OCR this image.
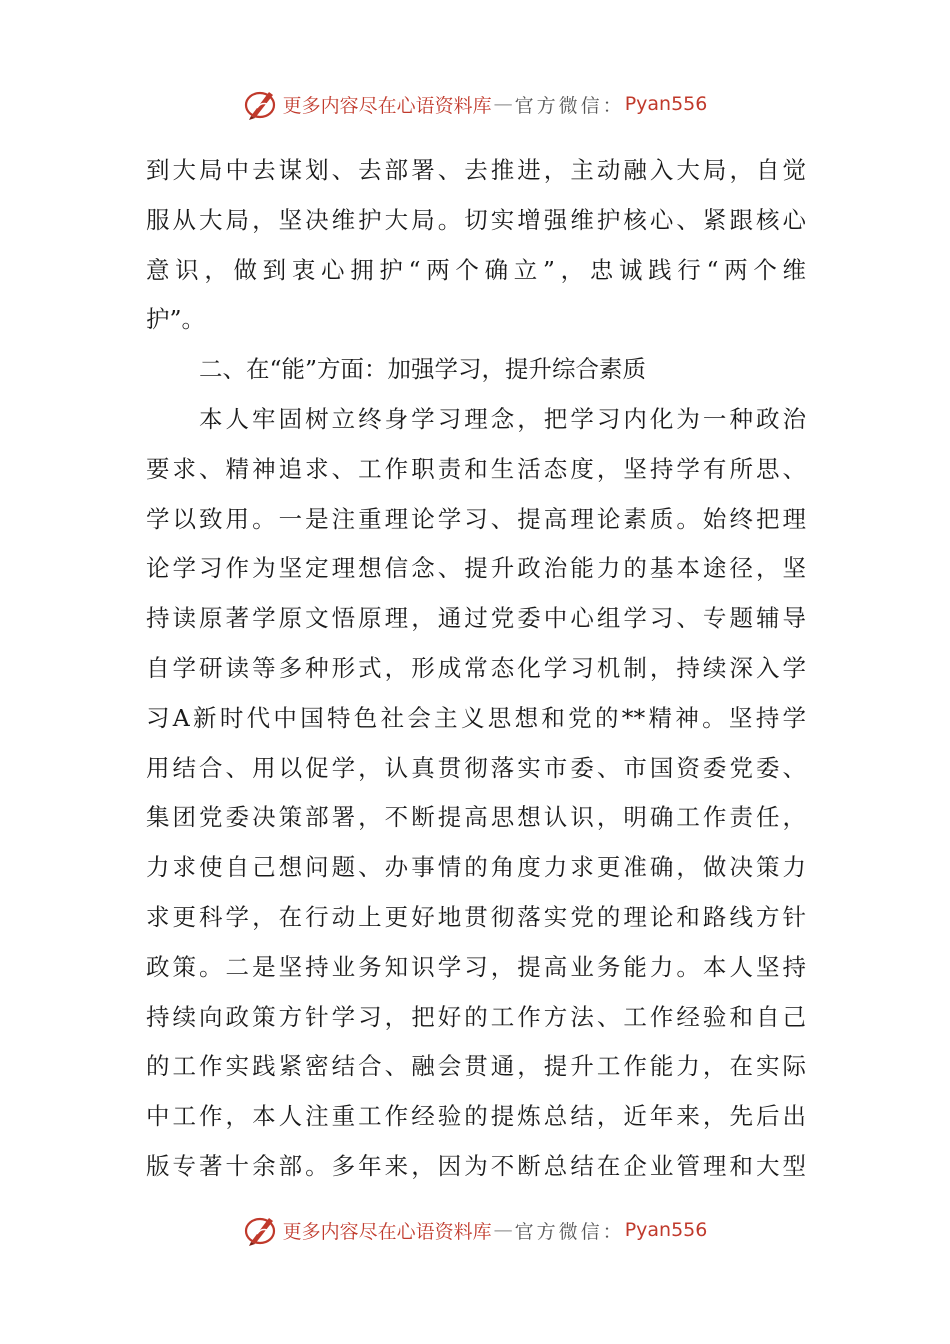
更多内容尽在心语资料库 — 官方微信： Pyan556
到大局中去谋划、去部署、去推进，主动融入大局，自觉
服从大局，坚决维护大局。切实增强维护核心、紧跟核心
意识，做到衷心拥护“两个确立”，忠诚践行“两个维
护”。
二、在“能”方面：加强学习，提升综合素质
本人牢固树立终身学习理念，把学习内化为一种政治
要求、精神追求、工作职责和生活态度，坚持学有所思、
学以致用。一是注重理论学习、提高理论素质。始终把理
论学习作为坚定理想信念、提升政治能力的基本途径，坚
持读原著学原文悟原理，通过党委中心组学习、专题辅导
自学研读等多种形式，形成常态化学习机制，持续深入学
习A新时代中国特色社会主义思想和党的**精神。坚持学
用结合、用以促学，认真贯彻落实市委、市国资委党委、
集团党委决策部署，不断提高思想认识，明确工作责任，
力求使自己想问题、办事情的角度力求更准确，做决策力
求更科学，在行动上更好地贯彻落实党的理论和路线方针
政策。二是坚持业务知识学习，提高业务能力。本人坚持
持续向政策方针学习，把好的工作方法、工作经验和自己
的工作实践紧密结合、融会贯通，提升工作能力，在实际
中工作，本人注重工作经验的提炼总结，近年来，先后出
版专著十余部。多年来，因为不断总结在企业管理和大型
更多内容尽在心语资料库 — 官方微信： Pyan556
